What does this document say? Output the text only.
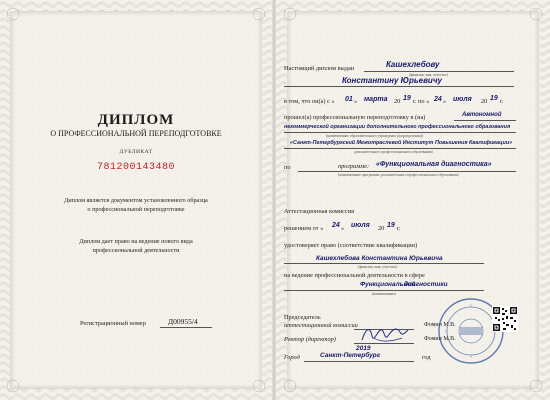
ДИПЛОМ
О ПРОФЕССИОНАЛЬНОЙ ПЕРЕПОДГОТОВКЕ
ДУБЛИКАТ
781200143480
Диплом является документом установленного образца
о профессиональной переподготовке
Диплом дает право на ведение нового вида
профессиональной деятельности
Регистрационный номер	Д00955/4
Настоящий диплом выдан	Кашехлебову
(фамилия, имя, отчество)
Константину Юрьевичу
в том, что он(а) с « 01 » марта 20 19 г. по « 24 » июля 20 19 г.
прошел(а) профессиональную переподготовку в (на)	Автономной
некоммерческой организации дополнительного профессионального образования
(наименование образовательного учреждения (подразделения))
«Санкт-Петербургский Межотраслевой Институт Повышения Квалификации»
дополнительного профессионального образования)
по	программе: «Функциональная диагностика»
(наименование программы дополнительного профессионального образования)
Аттестационная комиссия
решением от « 24 » июля 20 19 г.
удостоверяет право (соответствие квалификации)
Кашехлебова Константина Юрьевича
(фамилия, имя, отчество)
на ведение профессиональной деятельности в сфере
Функциональной
диагностики
(наименование)
Председатель
аттестационной комиссии	Фомин М.В.
Ректор (директор)	Фомин М.В.
2019
Город	Санкт-Петербург	год
